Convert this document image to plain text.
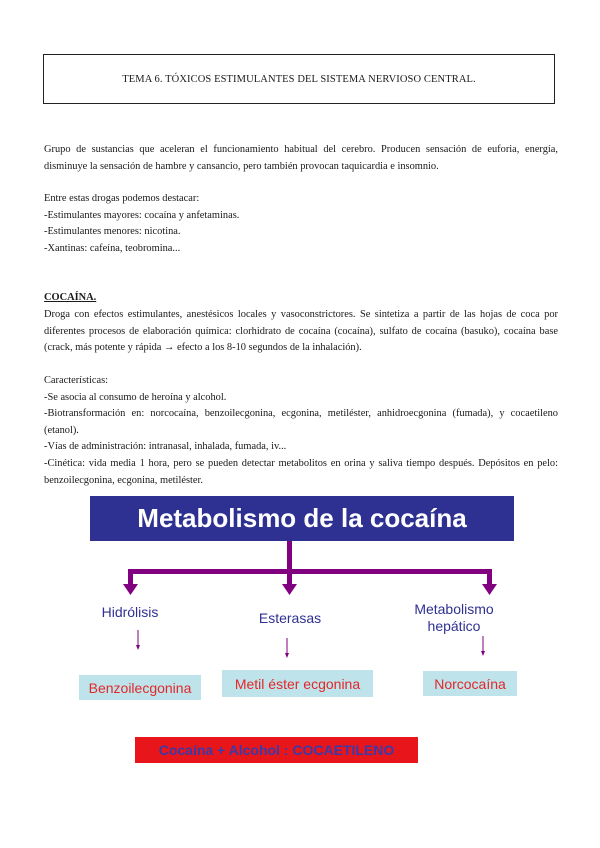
TEMA 6. TÓXICOS ESTIMULANTES DEL SISTEMA NERVIOSO CENTRAL.

Grupo de sustancias que aceleran el funcionamiento habitual del cerebro. Producen sensación de euforia, energía, disminuye la sensación de hambre y cansancio, pero también provocan taquicardia e insomnio.

Entre estas drogas podemos destacar:

-Estimulantes mayores: cocaína y anfetaminas.

-Estimulantes menores: nicotina.

-Xantinas: cafeína, teobromina...

COCAÍNA.

Droga con efectos estimulantes, anestésicos locales y vasoconstrictores. Se sintetiza a partir de las hojas de coca por diferentes procesos de elaboración química: clorhidrato de cocaína (cocaína), sulfato de cocaína (basuko), cocaína base (crack, más potente y rápida → efecto a los 8-10 segundos de la inhalación).

Características:

-Se asocia al consumo de heroína y alcohol.

-Biotransformación en: norcocaína, benzoilecgonina, ecgonina, metiléster, anhidroecgonina (fumada), y cocaetileno (etanol).

-Vías de administración: intranasal, inhalada, fumada, iv...

-Cinética: vida media 1 hora, pero se pueden detectar metabolitos en orina y saliva tiempo después. Depósitos en pelo: benzoilecgonina, ecgonina, metiléster.

Metabolismo de la cocaína
Hidrólisis	Esterasas
Metabolismo hepático
Benzoilecgonina	Metil éster ecgonina	Norcocaína
Cocaína + Alcohol : COCAETILENO
